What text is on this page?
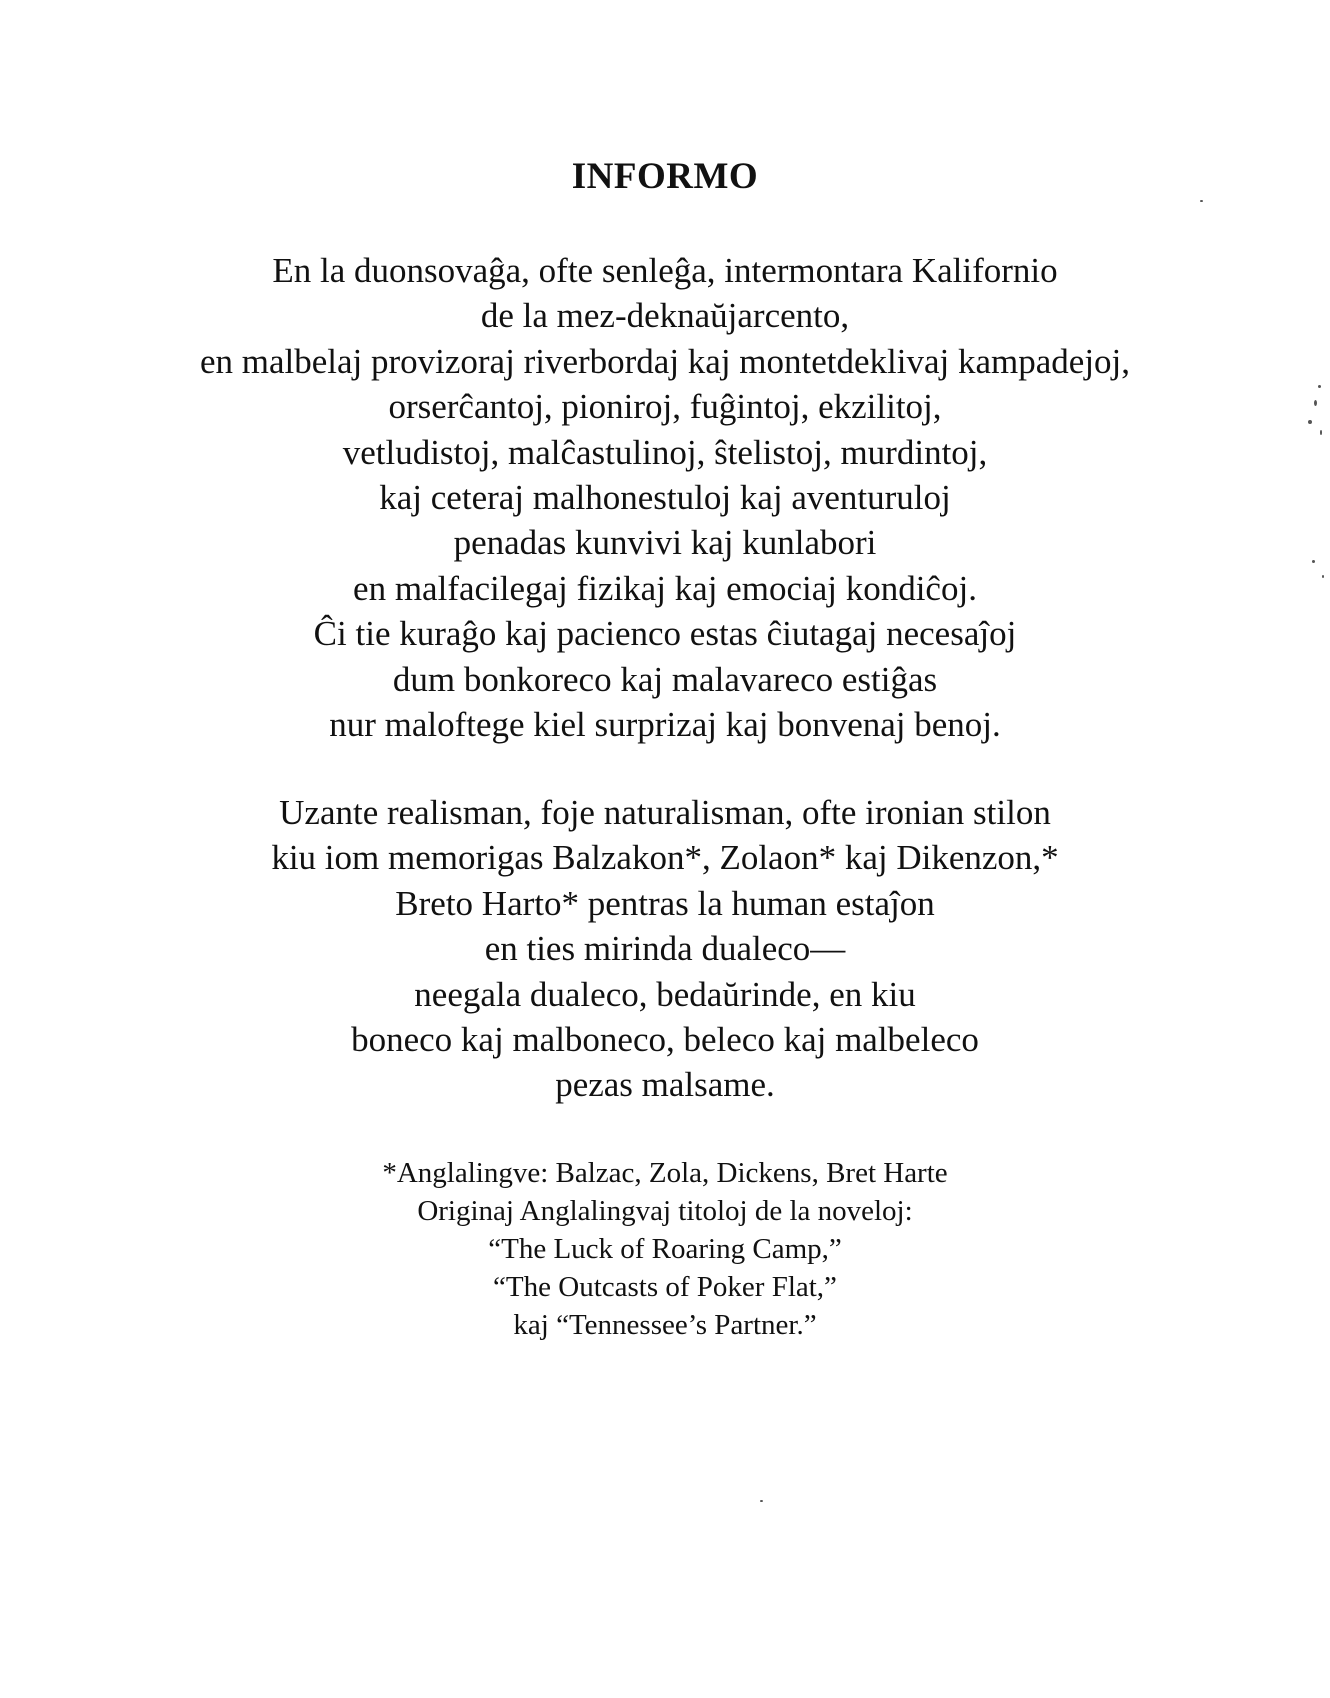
INFORMO
En la duonsovaĝa, ofte senleĝa, intermontara Kalifornio
de la mez-deknaŭjarcento,
en malbelaj provizoraj riverbordaj kaj montetdeklivaj kampadejoj,
orserĉantoj, pioniroj, fuĝintoj, ekzilitoj,
vetludistoj, malĉastulinoj, ŝtelistoj, murdintoj,
kaj ceteraj malhonestuloj kaj aventuruloj
penadas kunvivi kaj kunlabori
en malfacilegaj fizikaj kaj emociaj kondiĉoj.
Ĉi tie kuraĝo kaj pacienco estas ĉiutagaj necesaĵoj
dum bonkoreco kaj malavareco estiĝas
nur maloftege kiel surprizaj kaj bonvenaj benoj.
Uzante realisman, foje naturalisman, ofte ironian stilon
kiu iom memorigas Balzakon*, Zolaon* kaj Dikenzon,*
Breto Harto* pentras la human estaĵon
en ties mirinda dualeco—
neegala dualeco, bedaŭrinde, en kiu
boneco kaj malboneco, beleco kaj malbeleco
pezas malsame.
*Anglalingve: Balzac, Zola, Dickens, Bret Harte
Originaj Anglalingvaj titoloj de la noveloj:
“The Luck of Roaring Camp,”
“The Outcasts of Poker Flat,”
kaj “Tennessee’s Partner.”
